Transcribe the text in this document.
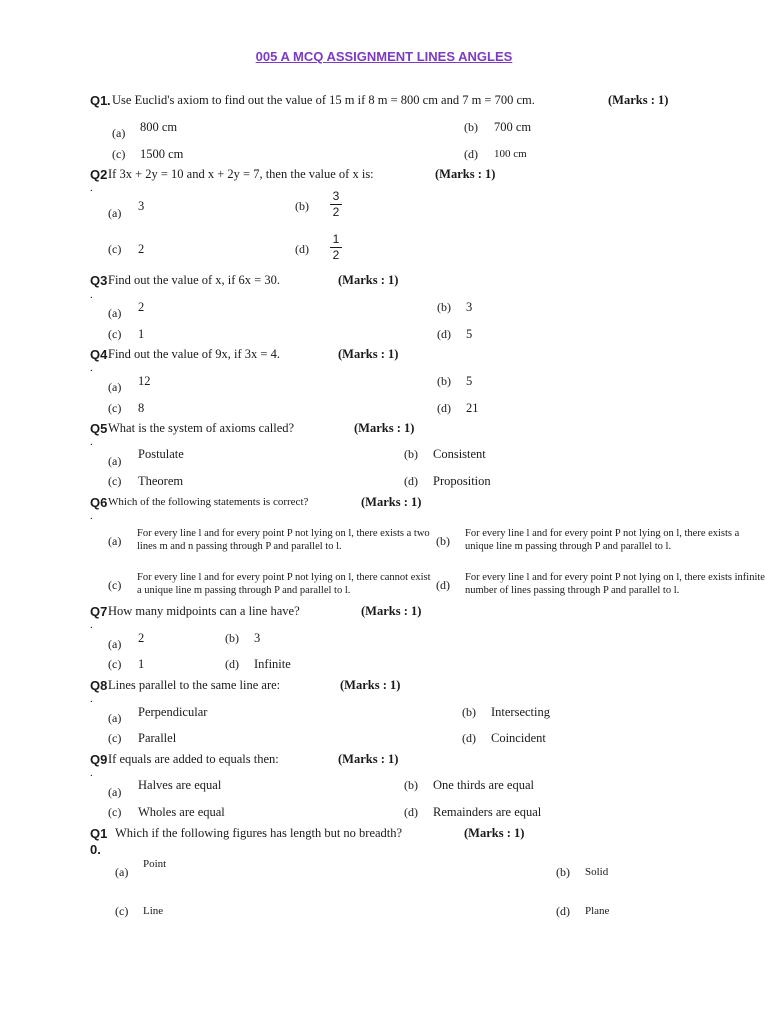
005 A MCQ ASSIGNMENT LINES ANGLES
Q1 . Use Euclid's axiom to find out the value of 15 m if 8 m = 800 cm and 7 m = 700 cm.	(Marks : 1)
(a) 800 cm	(b) 700 cm
(c) 1500 cm	(d) 100 cm
Q2 If 3x + 2y = 10 and x + 2y = 7, then the value of x is:	(Marks : 1)
.
(a) 3	(b)
3
2
(c) 2	(d)
1
2
Q3 Find out the value of x, if 6x = 30.	(Marks : 1)
.
(a) 2	(b) 3
(c) 1	(d) 5
Q4 Find out the value of 9x, if 3x = 4.	(Marks : 1)
.
(a) 12	(b) 5
(c) 8	(d) 21
Q5 What is the system of axioms called?	(Marks : 1)
.
(a) Postulate	(b) Consistent
(c) Theorem	(d) Proposition
Q6 Which of the following statements is correct?	(Marks : 1)
.
(a)
For every line l and for every point P not lying on l, there exists a two lines m and n passing through P and parallel to l.	(b)
For every line l and for every point P not lying on l, there exists a unique line m passing through P and parallel to l.
(c)
For every line l and for every point P not lying on l, there cannot exist a unique line m passing through P and parallel to l.	(d)
For every line l and for every point P not lying on l, there exists infinite number of lines passing through P and parallel to l.
Q7 How many midpoints can a line have?	(Marks : 1)
.
(a) 2	(b) 3
(c) 1	(d) Infinite
Q8 Lines parallel to the same line are:	(Marks : 1)
.
(a) Perpendicular	(b) Intersecting
(c) Parallel	(d) Coincident
Q9 If equals are added to equals then:	(Marks : 1)
.
(a) Halves are equal	(b) One thirds are equal
(c) Wholes are equal	(d) Remainders are equal
Q1
0.
Which if the following figures has length but no breadth?	(Marks : 1)
(a)
Point
(b) Solid
(c) Line	(d) Plane
